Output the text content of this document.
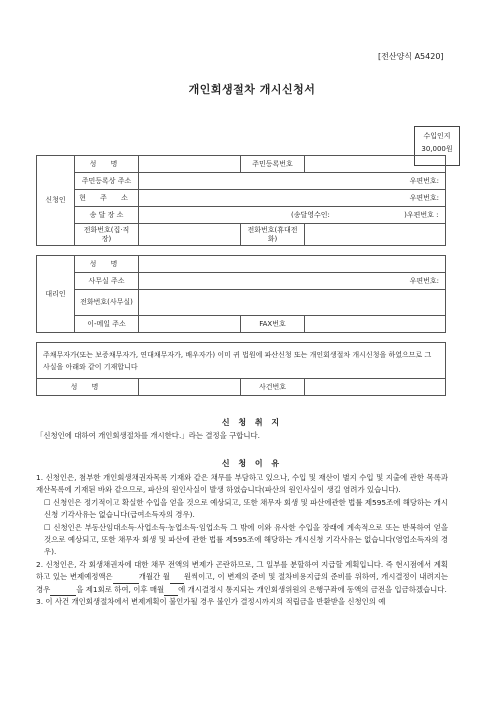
[전산양식 A5420]
개인회생절차 개시신청서
수입인지
30,000원
신청인	성 명		주민등록번호	
	주민등록상 주소	우편번호:		
	현 주 소	우편번호:		
	송 달 장 소	(송달영수인: )우편번호 :		
	전화번호(집·직장)		전화번호(휴대전화)	
대리인	성 명			
	사무실 주소	우편번호:		
	전화번호(사무실)			
	이-메일 주소		FAX번호	
주채무자가(또는 보증채무자가, 연대채무자가, 배우자가) 이미 귀 법원에 파산신청 또는 개인회생절차 개시신청을 하였으므로 그 사실을 아래와 같이 기재합니다
성 명		사건번호	
신 청 취 지
「신청인에 대하여 개인회생절차를 개시한다.」라는 결정을 구합니다.
신 청 이 유

1. 신청인은, 첨부한 개인회생채권자목록 기재와 같은 채무를 부담하고 있으나, 수입 및 재산이 별지 수입 및 지출에 관한 목록과 재산목록에 기재된 바와 같으므로, 파산의 원인사실이 발생 하였습니다(파산의 원인사실이 생길 염려가 있습니다).

☐ 신청인은 정기적이고 확실한 수입을 얻을 것으로 예상되고, 또한 채무자 회생 및 파산에관한 법률 제595조에 해당하는 개시신청 기각사유는 없습니다(급여소득자의 경우).

☐ 신청인은 부동산임대소득·사업소득·농업소득·임업소득 그 밖에 이와 유사한 수입을 장래에 계속적으로 또는 반복하여 얻을 것으로 예상되고, 또한 채무자 회생 및 파산에 관한 법률 제595조에 해당하는 개시신청 기각사유는 없습니다(영업소득자의 경우).

2. 신청인은, 각 회생채권자에 대한 채무 전액의 변제가 곤란하므로, 그 일부를 분할하여 지급할 계획입니다. 즉 현시점에서 계획하고 있는 변제예정액은	개월간 월 원씩이고, 이 변제의 준비 및 절차비용지급의 준비를 위하여, 개시결정이 내려지는 경우	을 제1회로 하여, 이후 매월 에 개시결정시 통지되는 개인회생위원의 은행구좌에 동액의 금전을 입금하겠습니다.

3. 이 사건 개인회생절차에서 변제계획이 불인가될 경우 불인가 결정시까지의 적립금을 반환받을 신청인의 예
